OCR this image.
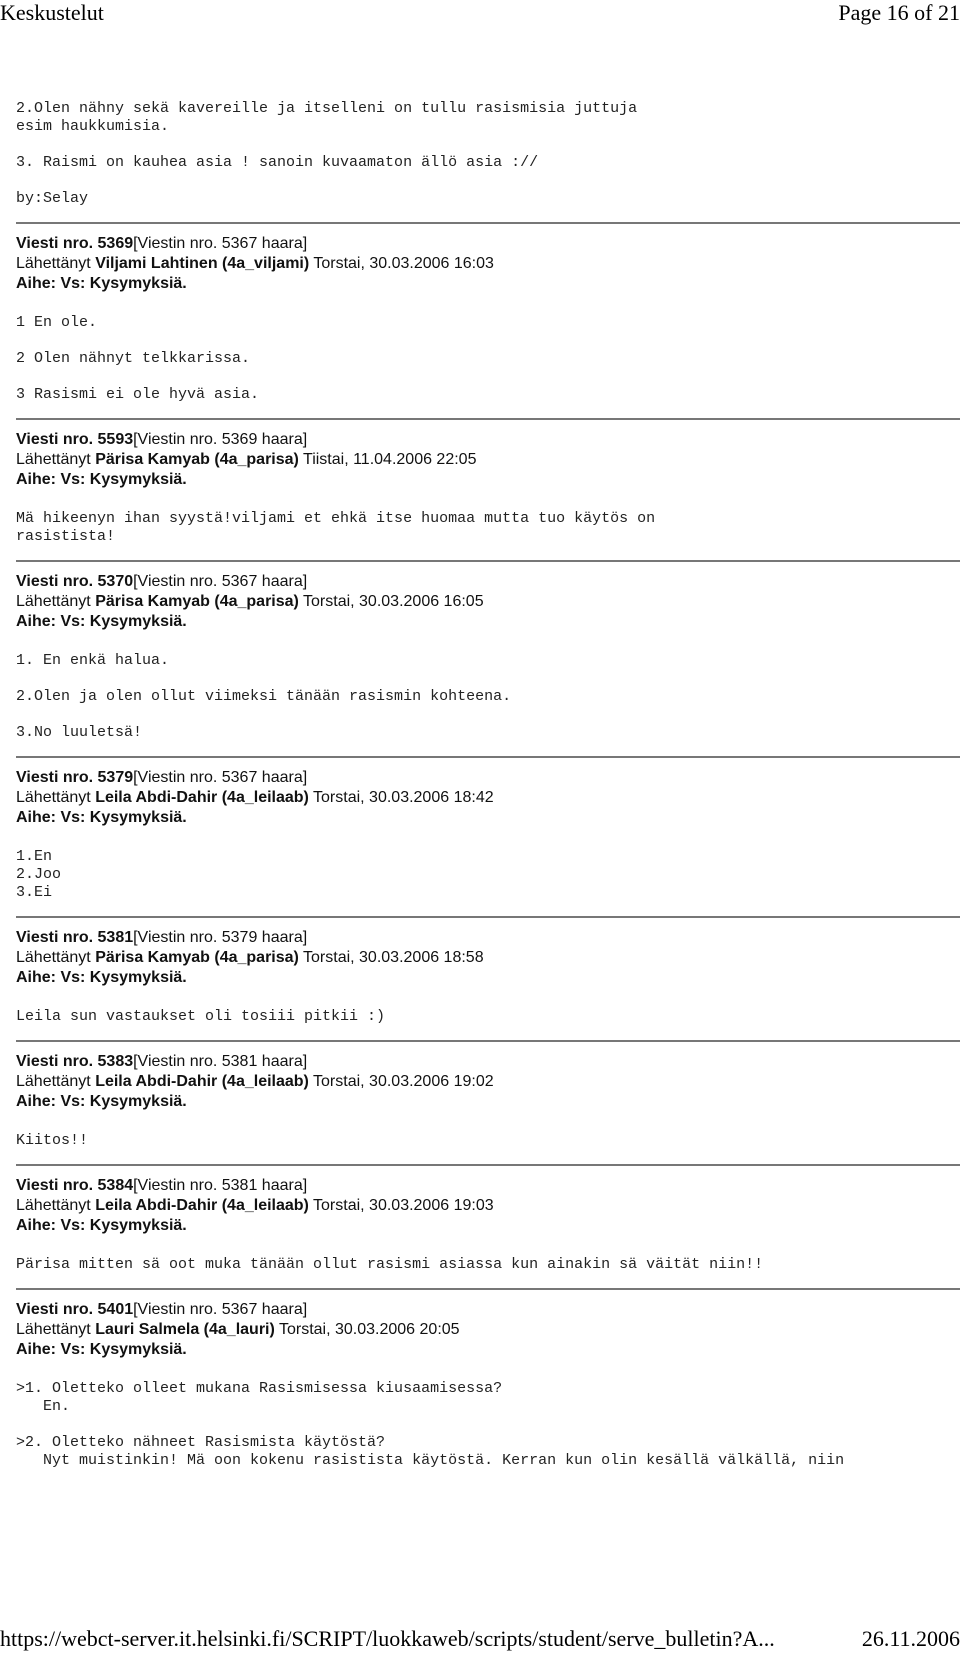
Keskustelut	Page 16 of 21
2.Olen nähny sekä kavereille ja itselleni on tullu rasismisia juttuja
esim haukkumisia.
3. Raismi on kauhea asia ! sanoin kuvaamaton ällö asia ://
by:Selay
Viesti nro. 5369[Viestin nro. 5367 haara]
Lähettänyt Viljami Lahtinen (4a_viljami) Torstai, 30.03.2006 16:03
Aihe: Vs: Kysymyksiä.
1 En ole.
2 Olen nähnyt telkkarissa.
3 Rasismi ei ole hyvä asia.
Viesti nro. 5593[Viestin nro. 5369 haara]
Lähettänyt Pärisa Kamyab (4a_parisa) Tiistai, 11.04.2006 22:05
Aihe: Vs: Kysymyksiä.
Mä hikeenyn ihan syystä!viljami et ehkä itse huomaa mutta tuo käytös on
rasistista!
Viesti nro. 5370[Viestin nro. 5367 haara]
Lähettänyt Pärisa Kamyab (4a_parisa) Torstai, 30.03.2006 16:05
Aihe: Vs: Kysymyksiä.
1. En enkä halua.
2.Olen ja olen ollut viimeksi tänään rasismin kohteena.
3.No luuletsä!
Viesti nro. 5379[Viestin nro. 5367 haara]
Lähettänyt Leila Abdi-Dahir (4a_leilaab) Torstai, 30.03.2006 18:42
Aihe: Vs: Kysymyksiä.
1.En
2.Joo
3.Ei
Viesti nro. 5381[Viestin nro. 5379 haara]
Lähettänyt Pärisa Kamyab (4a_parisa) Torstai, 30.03.2006 18:58
Aihe: Vs: Kysymyksiä.
Leila sun vastaukset oli tosiii pitkii :)
Viesti nro. 5383[Viestin nro. 5381 haara]
Lähettänyt Leila Abdi-Dahir (4a_leilaab) Torstai, 30.03.2006 19:02
Aihe: Vs: Kysymyksiä.
Kiitos!!
Viesti nro. 5384[Viestin nro. 5381 haara]
Lähettänyt Leila Abdi-Dahir (4a_leilaab) Torstai, 30.03.2006 19:03
Aihe: Vs: Kysymyksiä.
Pärisa mitten sä oot muka tänään ollut rasismi asiassa kun ainakin sä väität niin!!
Viesti nro. 5401[Viestin nro. 5367 haara]
Lähettänyt Lauri Salmela (4a_lauri) Torstai, 30.03.2006 20:05
Aihe: Vs: Kysymyksiä.
>1. Oletteko olleet mukana Rasismisessa kiusaamisessa?
En.
>2. Oletteko nähneet Rasismista käytöstä?
Nyt muistinkin! Mä oon kokenu rasistista käytöstä. Kerran kun olin kesällä välkällä, niin
https://webct-server.it.helsinki.fi/SCRIPT/luokkaweb/scripts/student/serve_bulletin?A...	26.11.2006
